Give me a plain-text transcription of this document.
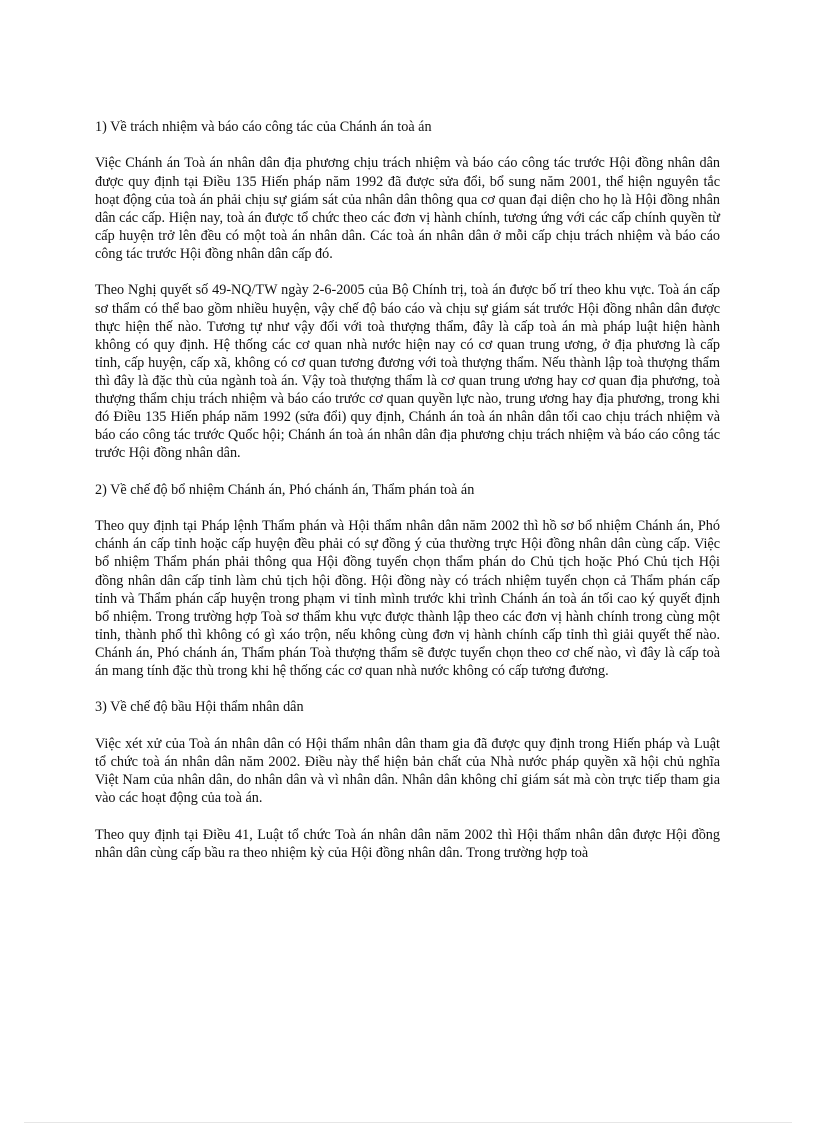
1) Về trách nhiệm và báo cáo công tác của Chánh án toà án

Việc Chánh án Toà án nhân dân địa phương chịu trách nhiệm và báo cáo công tác trước Hội đồng nhân dân được quy định tại Điều 135 Hiến pháp năm 1992 đã được sửa đổi, bổ sung năm 2001, thể hiện nguyên tắc hoạt động của toà án phải chịu sự giám sát của nhân dân thông qua cơ quan đại diện cho họ là Hội đồng nhân dân các cấp. Hiện nay, toà án được tổ chức theo các đơn vị hành chính, tương ứng với các cấp chính quyền từ cấp huyện trở lên đều có một toà án nhân dân. Các toà án nhân dân ở mỗi cấp chịu trách nhiệm và báo cáo công tác trước Hội đồng nhân dân cấp đó.

Theo Nghị quyết số 49-NQ/TW ngày 2-6-2005 của Bộ Chính trị, toà án được bố trí theo khu vực. Toà án cấp sơ thẩm có thể bao gồm nhiều huyện, vậy chế độ báo cáo và chịu sự giám sát trước Hội đồng nhân dân được thực hiện thế nào. Tương tự như vậy đối với toà thượng thẩm, đây là cấp toà án mà pháp luật hiện hành không có quy định. Hệ thống các cơ quan nhà nước hiện nay có cơ quan trung ương, ở địa phương là cấp tỉnh, cấp huyện, cấp xã, không có cơ quan tương đương với toà thượng thẩm. Nếu thành lập toà thượng thẩm thì đây là đặc thù của ngành toà án. Vậy toà thượng thẩm là cơ quan trung ương hay cơ quan địa phương, toà thượng thẩm chịu trách nhiệm và báo cáo trước cơ quan quyền lực nào, trung ương hay địa phương, trong khi đó Điều 135 Hiến pháp năm 1992 (sửa đổi) quy định, Chánh án toà án nhân dân tối cao chịu trách nhiệm và báo cáo công tác trước Quốc hội; Chánh án toà án nhân dân địa phương chịu trách nhiệm và báo cáo công tác trước Hội đồng nhân dân.

2) Về chế độ bổ nhiệm Chánh án, Phó chánh án, Thẩm phán toà án

Theo quy định tại Pháp lệnh Thẩm phán và Hội thẩm nhân dân năm 2002 thì hồ sơ bổ nhiệm Chánh án, Phó chánh án cấp tỉnh hoặc cấp huyện đều phải có sự đồng ý của thường trực Hội đồng nhân dân cùng cấp. Việc bổ nhiệm Thẩm phán phải thông qua Hội đồng tuyển chọn thẩm phán do Chủ tịch hoặc Phó Chủ tịch Hội đồng nhân dân cấp tỉnh làm chủ tịch hội đồng. Hội đồng này có trách nhiệm tuyển chọn cả Thẩm phán cấp tỉnh và Thẩm phán cấp huyện trong phạm vi tỉnh mình trước khi trình Chánh án toà án tối cao ký quyết định bổ nhiệm. Trong trường hợp Toà sơ thẩm khu vực được thành lập theo các đơn vị hành chính trong cùng một tỉnh, thành phố thì không có gì xáo trộn, nếu không cùng đơn vị hành chính cấp tỉnh thì giải quyết thế nào. Chánh án, Phó chánh án, Thẩm phán Toà thượng thẩm sẽ được tuyển chọn theo cơ chế nào, vì đây là cấp toà án mang tính đặc thù trong khi hệ thống các cơ quan nhà nước không có cấp tương đương.

3) Về chế độ bầu Hội thẩm nhân dân

Việc xét xử của Toà án nhân dân có Hội thẩm nhân dân tham gia đã được quy định trong Hiến pháp và Luật tổ chức toà án nhân dân năm 2002. Điều này thể hiện bản chất của Nhà nước pháp quyền xã hội chủ nghĩa Việt Nam của nhân dân, do nhân dân và vì nhân dân. Nhân dân không chỉ giám sát mà còn trực tiếp tham gia vào các hoạt động của toà án.

Theo quy định tại Điều 41, Luật tổ chức Toà án nhân dân năm 2002 thì Hội thẩm nhân dân được Hội đồng nhân dân cùng cấp bầu ra theo nhiệm kỳ của Hội đồng nhân dân. Trong trường hợp toà
